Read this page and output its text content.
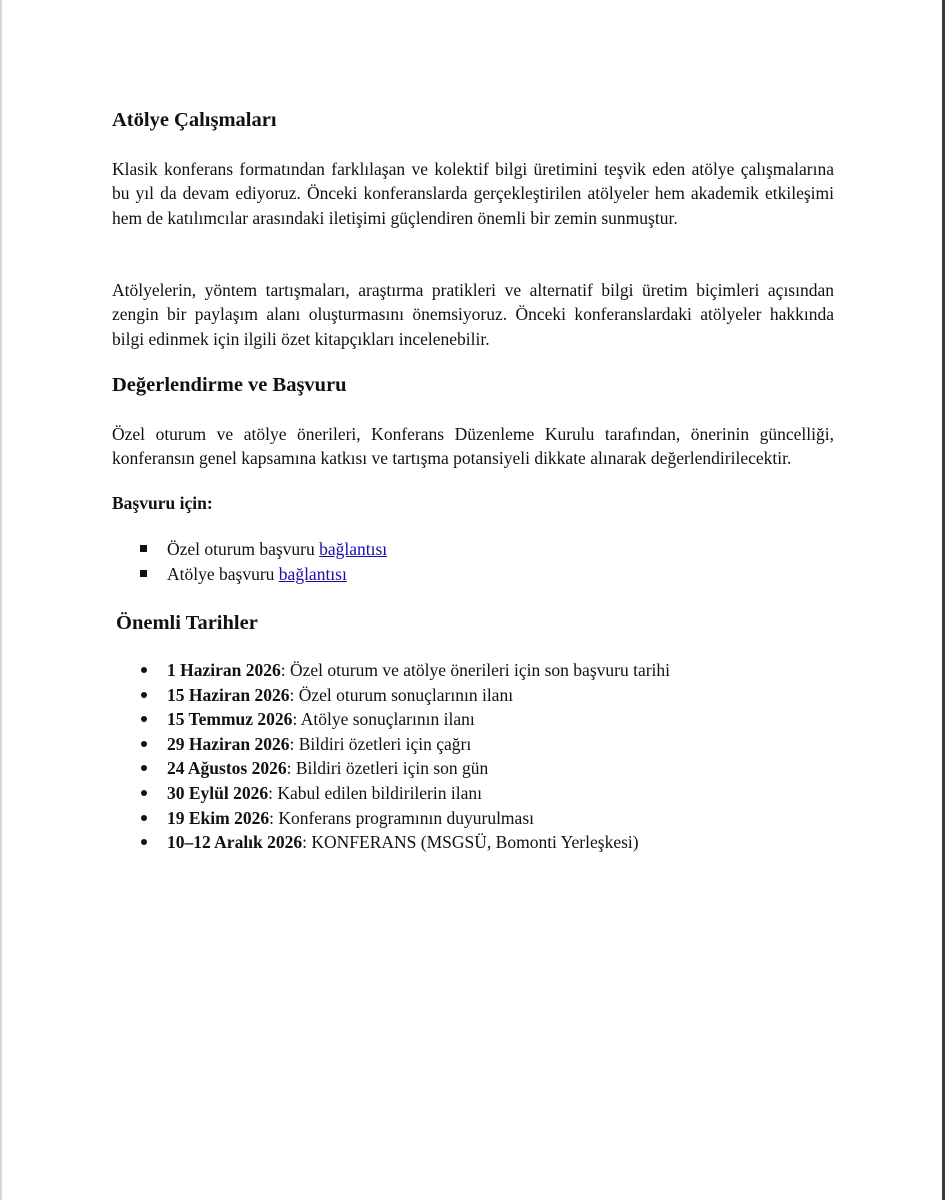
Atölye Çalışmaları

Klasik konferans formatından farklılaşan ve kolektif bilgi üretimini teşvik eden atölye çalışmalarına bu yıl da devam ediyoruz. Önceki konferanslarda gerçekleştirilen atölyeler hem akademik etkileşimi hem de katılımcılar arasındaki iletişimi güçlendiren önemli bir zemin sunmuştur.

Atölyelerin, yöntem tartışmaları, araştırma pratikleri ve alternatif bilgi üretim biçimleri açısından zengin bir paylaşım alanı oluşturmasını önemsiyoruz. Önceki konferanslardaki atölyeler hakkında bilgi edinmek için ilgili özet kitapçıkları incelenebilir.

Değerlendirme ve Başvuru

Özel oturum ve atölye önerileri, Konferans Düzenleme Kurulu tarafından, önerinin güncelliği, konferansın genel kapsamına katkısı ve tartışma potansiyeli dikkate alınarak değerlendirilecektir.

Başvuru için:
Özel oturum başvuru bağlantısı
Atölye başvuru bağlantısı
Önemli Tarihler
1 Haziran 2026: Özel oturum ve atölye önerileri için son başvuru tarihi
15 Haziran 2026: Özel oturum sonuçlarının ilanı
15 Temmuz 2026: Atölye sonuçlarının ilanı
29 Haziran 2026: Bildiri özetleri için çağrı
24 Ağustos 2026: Bildiri özetleri için son gün
30 Eylül 2026: Kabul edilen bildirilerin ilanı
19 Ekim 2026: Konferans programının duyurulması
10–12 Aralık 2026: KONFERANS (MSGSÜ, Bomonti Yerleşkesi)
